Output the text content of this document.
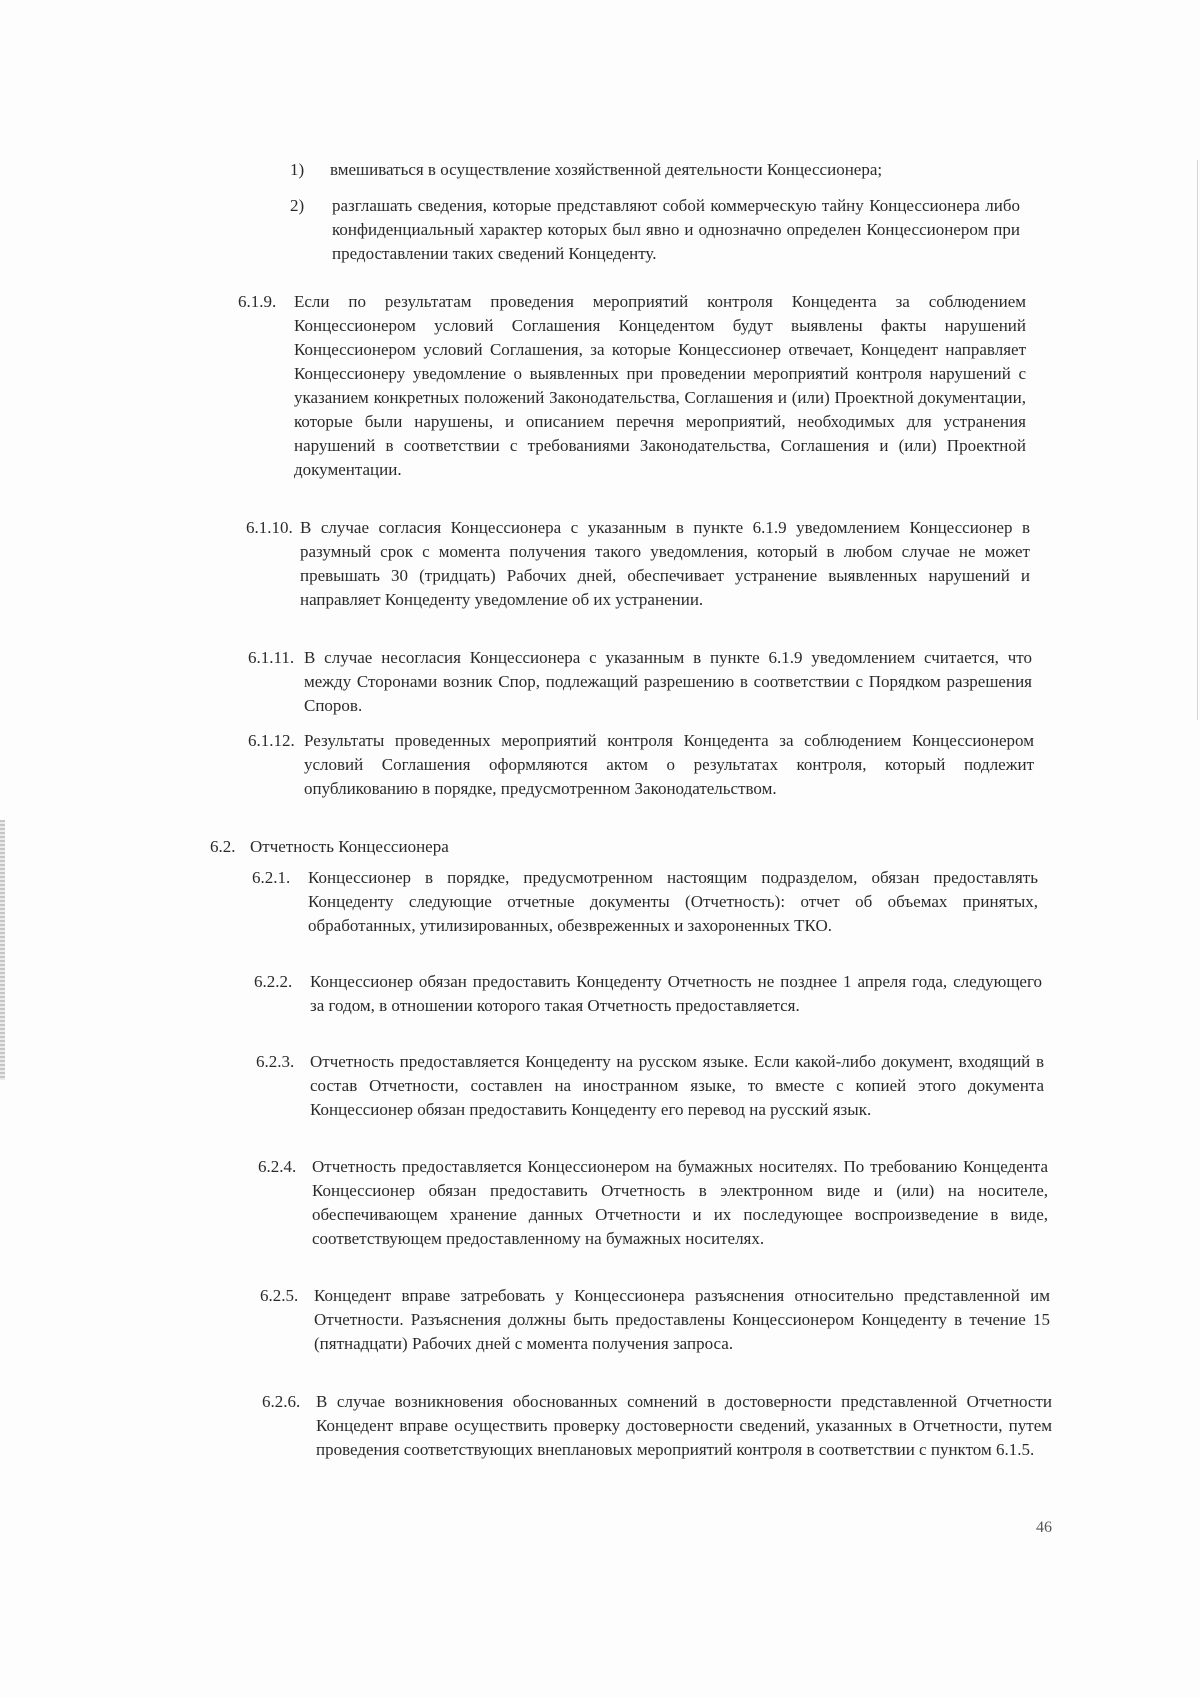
1) вмешиваться в осуществление хозяйственной деятельности Концессионера;
2) разглашать сведения, которые представляют собой коммерческую тайну Концессионера либо конфиденциальный характер которых был явно и однозначно определен Концессионером при предоставлении таких сведений Концеденту.
6.1.9. Если по результатам проведения мероприятий контроля Концедента за соблюдением Концессионером условий Соглашения Концедентом будут выявлены факты нарушений Концессионером условий Соглашения, за которые Концессионер отвечает, Концедент направляет Концессионеру уведомление о выявленных при проведении мероприятий контроля нарушений с указанием конкретных положений Законодательства, Соглашения и (или) Проектной документации, которые были нарушены, и описанием перечня мероприятий, необходимых для устранения нарушений в соответствии с требованиями Законодательства, Соглашения и (или) Проектной документации.
6.1.10. В случае согласия Концессионера с указанным в пункте 6.1.9 уведомлением Концессионер в разумный срок с момента получения такого уведомления, который в любом случае не может превышать 30 (тридцать) Рабочих дней, обеспечивает устранение выявленных нарушений и направляет Концеденту уведомление об их устранении.
6.1.11. В случае несогласия Концессионера с указанным в пункте 6.1.9 уведомлением считается, что между Сторонами возник Спор, подлежащий разрешению в соответствии с Порядком разрешения Споров.
6.1.12. Результаты проведенных мероприятий контроля Концедента за соблюдением Концессионером условий Соглашения оформляются актом о результатах контроля, который подлежит опубликованию в порядке, предусмотренном Законодательством.
6.2. Отчетность Концессионера
6.2.1. Концессионер в порядке, предусмотренном настоящим подразделом, обязан предоставлять Концеденту следующие отчетные документы (Отчетность): отчет об объемах принятых, обработанных, утилизированных, обезвреженных и захороненных ТКО.
6.2.2. Концессионер обязан предоставить Концеденту Отчетность не позднее 1 апреля года, следующего за годом, в отношении которого такая Отчетность предоставляется.
6.2.3. Отчетность предоставляется Концеденту на русском языке. Если какой-либо документ, входящий в состав Отчетности, составлен на иностранном языке, то вместе с копией этого документа Концессионер обязан предоставить Концеденту его перевод на русский язык.
6.2.4. Отчетность предоставляется Концессионером на бумажных носителях. По требованию Концедента Концессионер обязан предоставить Отчетность в электронном виде и (или) на носителе, обеспечивающем хранение данных Отчетности и их последующее воспроизведение в виде, соответствующем предоставленному на бумажных носителях.
6.2.5. Концедент вправе затребовать у Концессионера разъяснения относительно представленной им Отчетности. Разъяснения должны быть предоставлены Концессионером Концеденту в течение 15 (пятнадцати) Рабочих дней с момента получения запроса.
6.2.6. В случае возникновения обоснованных сомнений в достоверности представленной Отчетности Концедент вправе осуществить проверку достоверности сведений, указанных в Отчетности, путем проведения соответствующих внеплановых мероприятий контроля в соответствии с пунктом 6.1.5.
46
